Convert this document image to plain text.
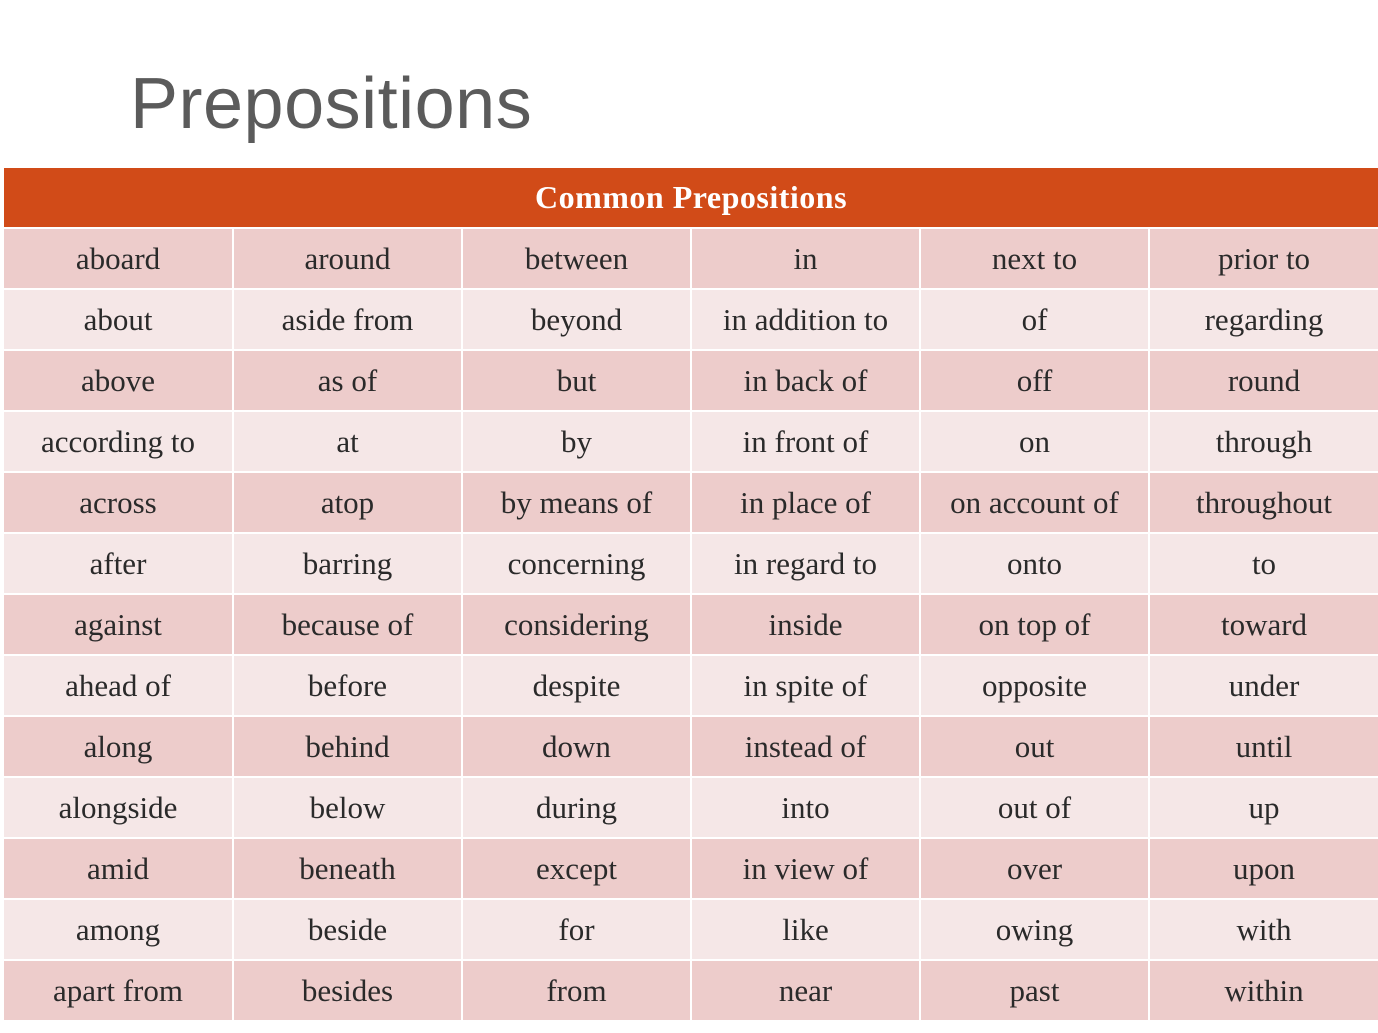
Prepositions
Common Prepositions					
aboard	around	between	in	next to	prior to
about	aside from	beyond	in addition to	of	regarding
above	as of	but	in back of	off	round
according to	at	by	in front of	on	through
across	atop	by means of	in place of	on account of	throughout
after	barring	concerning	in regard to	onto	to
against	because of	considering	inside	on top of	toward
ahead of	before	despite	in spite of	opposite	under
along	behind	down	instead of	out	until
alongside	below	during	into	out of	up
amid	beneath	except	in view of	over	upon
among	beside	for	like	owing	with
apart from	besides	from	near	past	within
